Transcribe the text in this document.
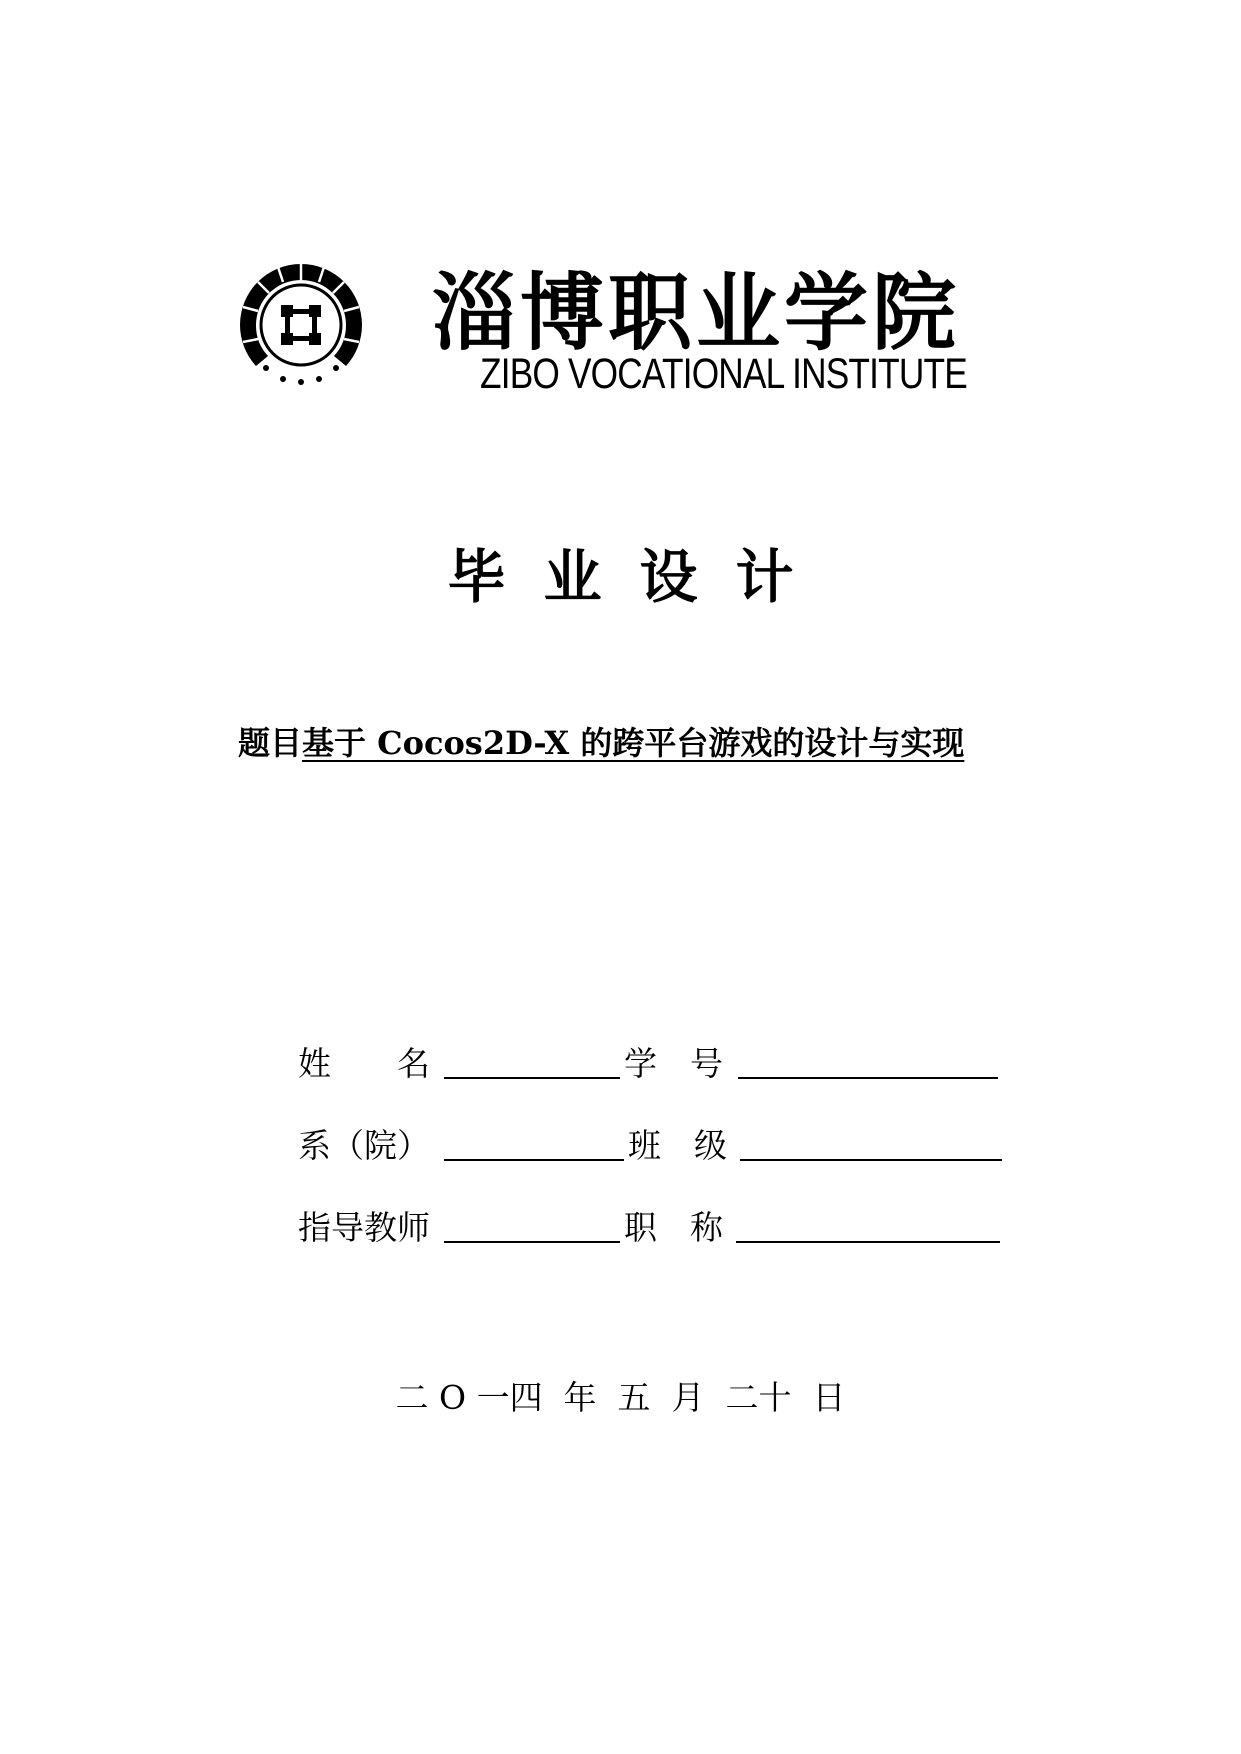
淄博职业学院
ZIBO VOCATIONAL INSTITUTE
毕业设计
题目基于 Cocos2D-X 的跨平台游戏的设计与实现
姓　　名	学　号
系（院）	班　级
指导教师	职　称
二 O 一四  年  五  月  二十  日
